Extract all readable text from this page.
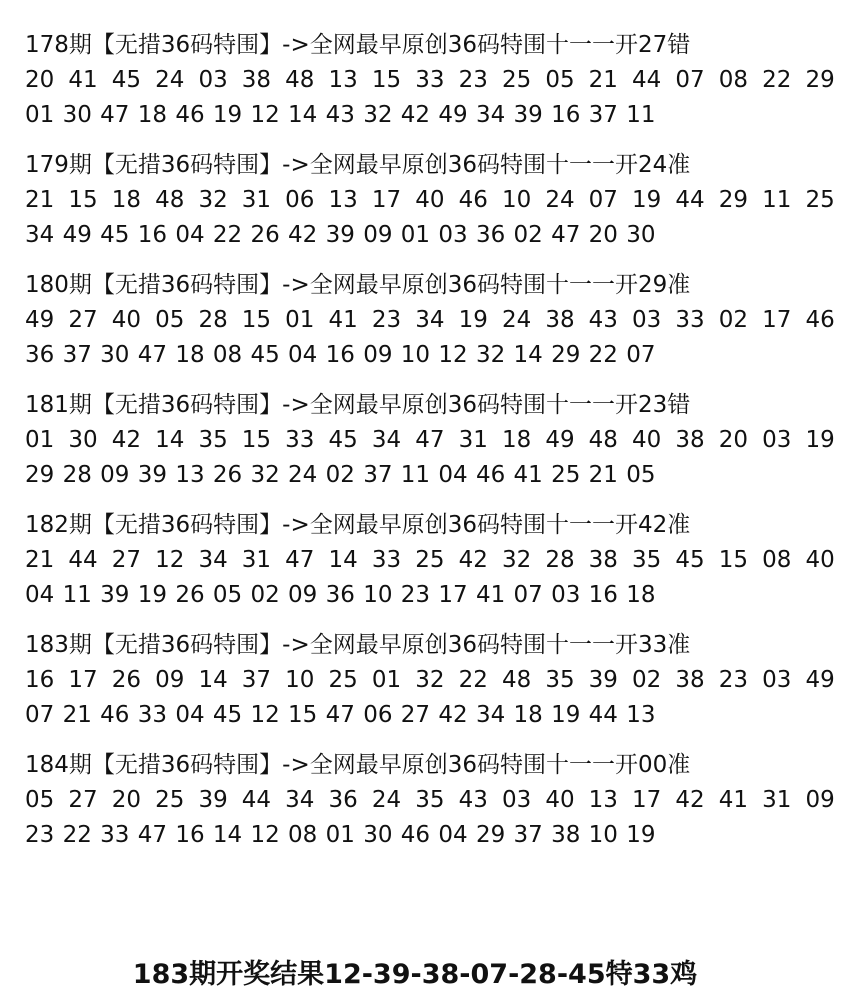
178期【无措36码特围】->全网最早原创36码特围十一一开27错
20 41 45 24 03 38 48 13 15 33 23 25 05 21 44 07 08 22 29
01 30 47 18 46 19 12 14 43 32 42 49 34 39 16 37 11
179期【无措36码特围】->全网最早原创36码特围十一一开24准
21 15 18 48 32 31 06 13 17 40 46 10 24 07 19 44 29 11 25
34 49 45 16 04 22 26 42 39 09 01 03 36 02 47 20 30
180期【无措36码特围】->全网最早原创36码特围十一一开29准
49 27 40 05 28 15 01 41 23 34 19 24 38 43 03 33 02 17 46
36 37 30 47 18 08 45 04 16 09 10 12 32 14 29 22 07
181期【无措36码特围】->全网最早原创36码特围十一一开23错
01 30 42 14 35 15 33 45 34 47 31 18 49 48 40 38 20 03 19
29 28 09 39 13 26 32 24 02 37 11 04 46 41 25 21 05
182期【无措36码特围】->全网最早原创36码特围十一一开42准
21 44 27 12 34 31 47 14 33 25 42 32 28 38 35 45 15 08 40
04 11 39 19 26 05 02 09 36 10 23 17 41 07 03 16 18
183期【无措36码特围】->全网最早原创36码特围十一一开33准
16 17 26 09 14 37 10 25 01 32 22 48 35 39 02 38 23 03 49
07 21 46 33 04 45 12 15 47 06 27 42 34 18 19 44 13
184期【无措36码特围】->全网最早原创36码特围十一一开00准
05 27 20 25 39 44 34 36 24 35 43 03 40 13 17 42 41 31 09
23 22 33 47 16 14 12 08 01 30 46 04 29 37 38 10 19
183期开奖结果12-39-38-07-28-45特33鸡
